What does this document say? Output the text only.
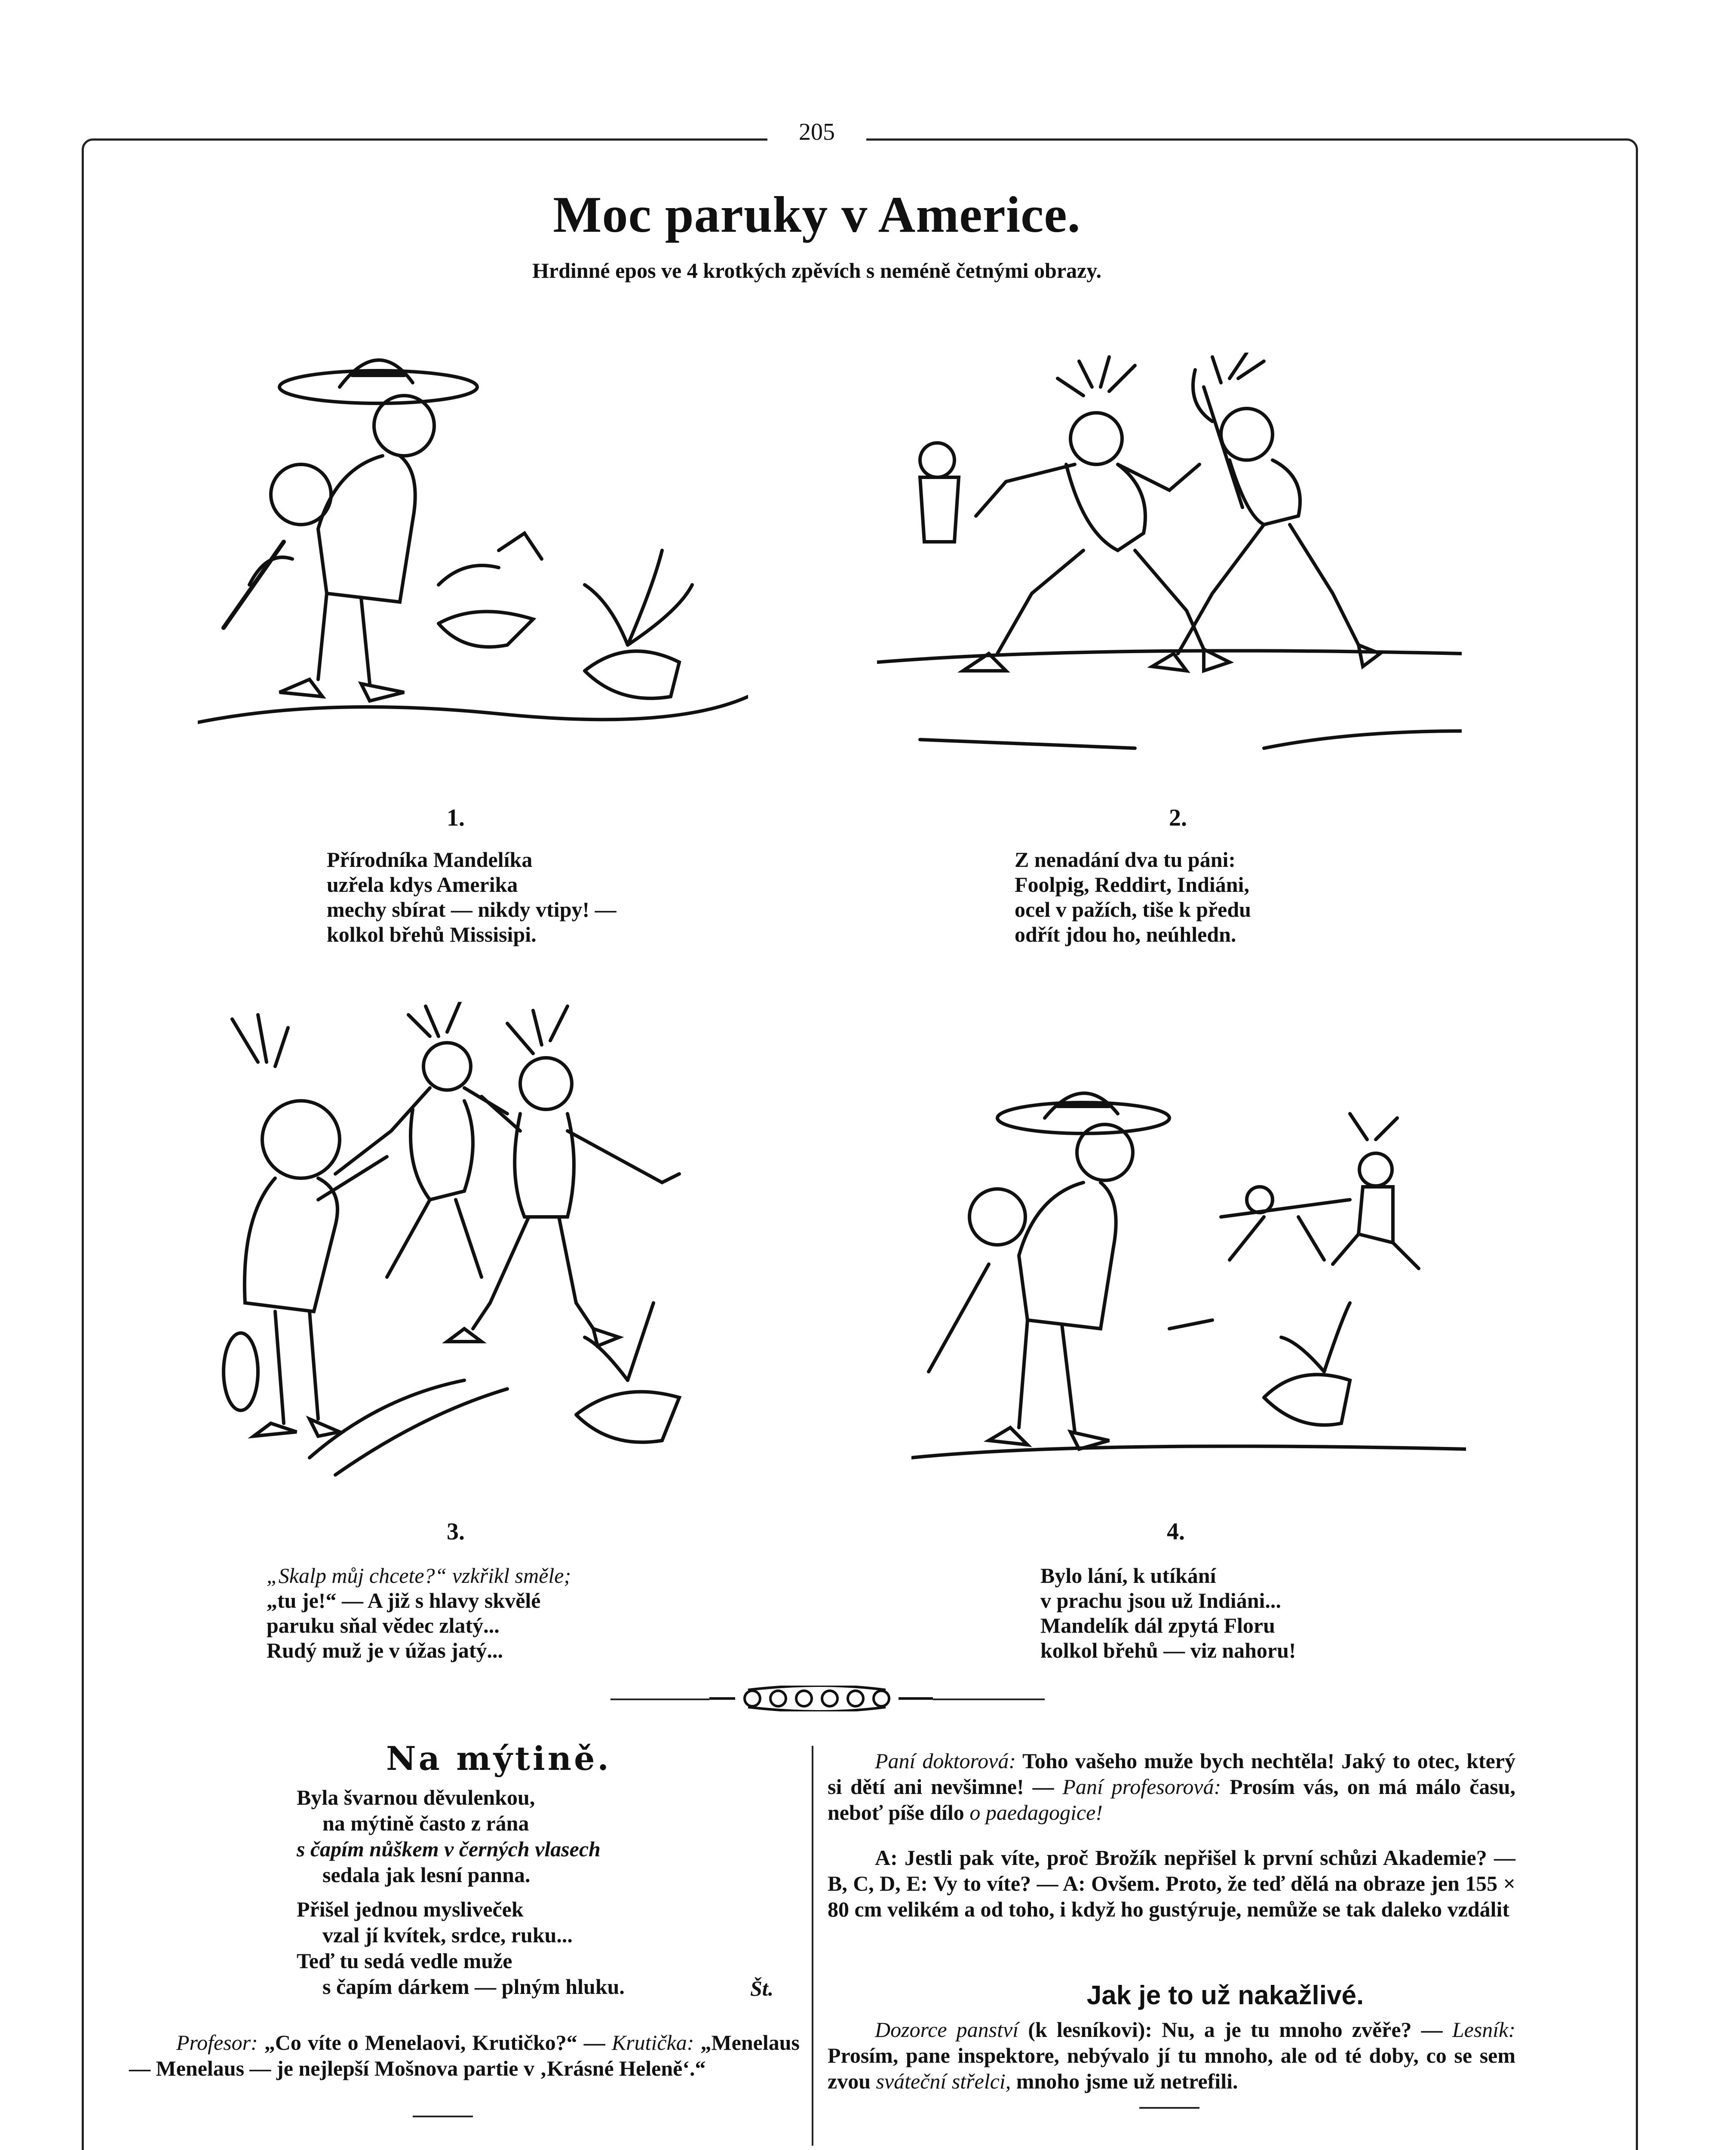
205
Moc paruky v Americe.
Hrdinné epos ve 4 krotkých zpěvích s neméně četnými obrazy.
1.
Přírodníka Mandelíka
uzřela kdys Amerika
mechy sbírat — nikdy vtipy! —
kolkol břehů Missisipi.
2.
Z nenadání dva tu páni:
Foolpig, Reddirt, Indiáni,
ocel v pažích, tiše k předu
odřít jdou ho, neúhledn.
3.
„Skalp můj chcete?“ vzkřikl směle;
„tu je!“ — A již s hlavy skvělé
paruku sňal vědec zlatý...
Rudý muž je v úžas jatý...
4.
Bylo lání, k utíkání
v prachu jsou už Indiáni...
Mandelík dál zpytá Floru
kolkol břehů — viz nahoru!
Na mýtině.
Byla švarnou děvulenkou,
na mýtině často z rána
s čapím nůškem v černých vlasech
sedala jak lesní panna.
Přišel jednou mysliveček
vzal jí kvítek, srdce, ruku...
Teď tu sedá vedle muže
s čapím dárkem — plným hluku.	Št.
Profesor: „Co víte o Menelaovi, Krutičko?“ — Krutička: „Menelaus — Menelaus — je nejlepší Mošnova partie v ‚Krásné Heleně‘.“
Paní doktorová: Toho vašeho muže bych nechtěla! Jaký to otec, který si dětí ani nevšimne! — Paní profesorová: Prosím vás, on má málo času, neboť píše dílo o paedagogice!
A: Jestli pak víte, proč Brožík nepřišel k první schůzi Akademie? — B, C, D, E: Vy to víte? — A: Ovšem. Proto, že teď dělá na obraze jen 155 × 80 cm velikém a od toho, i když ho gustýruje, nemůže se tak daleko vzdálit
Jak je to už nakažlivé.
Dozorce panství (k lesníkovi): Nu, a je tu mnoho zvěře? — Lesník: Prosím, pane inspektore, nebývalo jí tu mnoho, ale od té doby, co se sem zvou sváteční střelci, mnoho jsme už netrefili.
